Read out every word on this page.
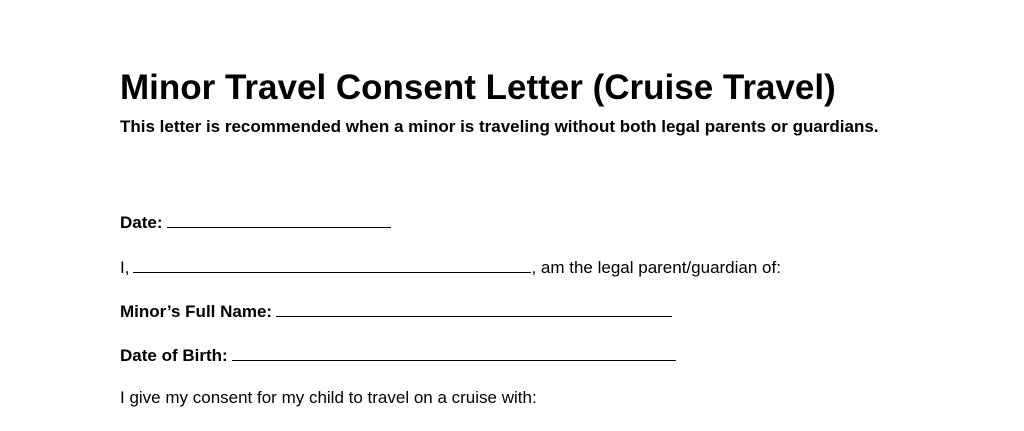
Minor Travel Consent Letter (Cruise Travel)

This letter is recommended when a minor is traveling without both legal parents or guardians.

Date:
I,	, am the legal parent/guardian of:
Minor’s Full Name:
Date of Birth:
I give my consent for my child to travel on a cruise with:
